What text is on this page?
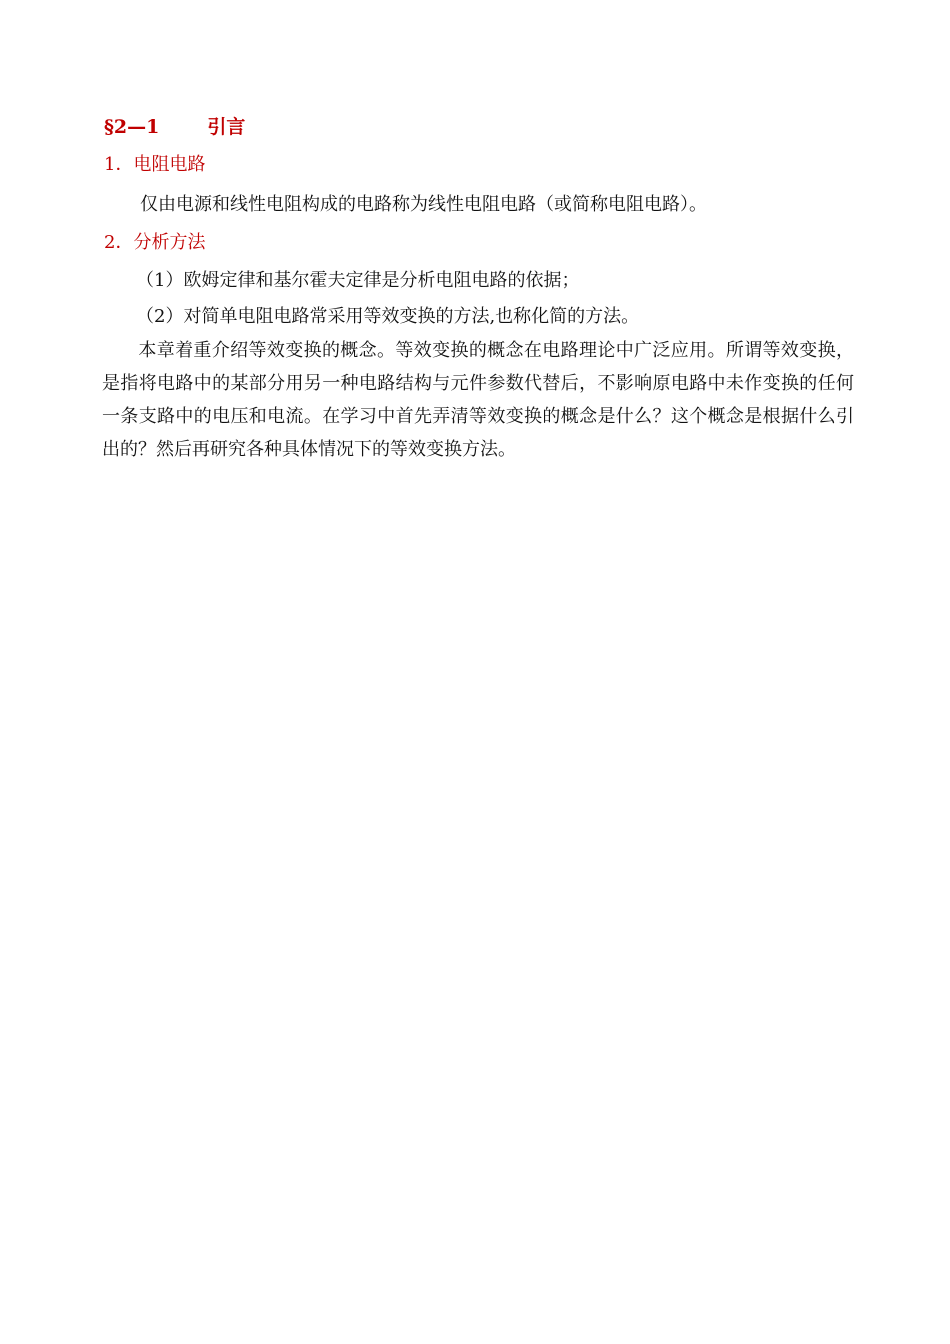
§2—1	引言
1．电阻电路
仅由电源和线性电阻构成的电路称为线性电阻电路（或简称电阻电路）。
2．分析方法
（1）欧姆定律和基尔霍夫定律是分析电阻电路的依据；
（2）对简单电阻电路常采用等效变换的方法,也称化简的方法。
本章着重介绍等效变换的概念。等效变换的概念在电路理论中广泛应用。所谓等效变换，是指将电路中的某部分用另一种电路结构与元件参数代替后，不影响原电路中未作变换的任何一条支路中的电压和电流。在学习中首先弄清等效变换的概念是什么？这个概念是根据什么引出的？然后再研究各种具体情况下的等效变换方法。
